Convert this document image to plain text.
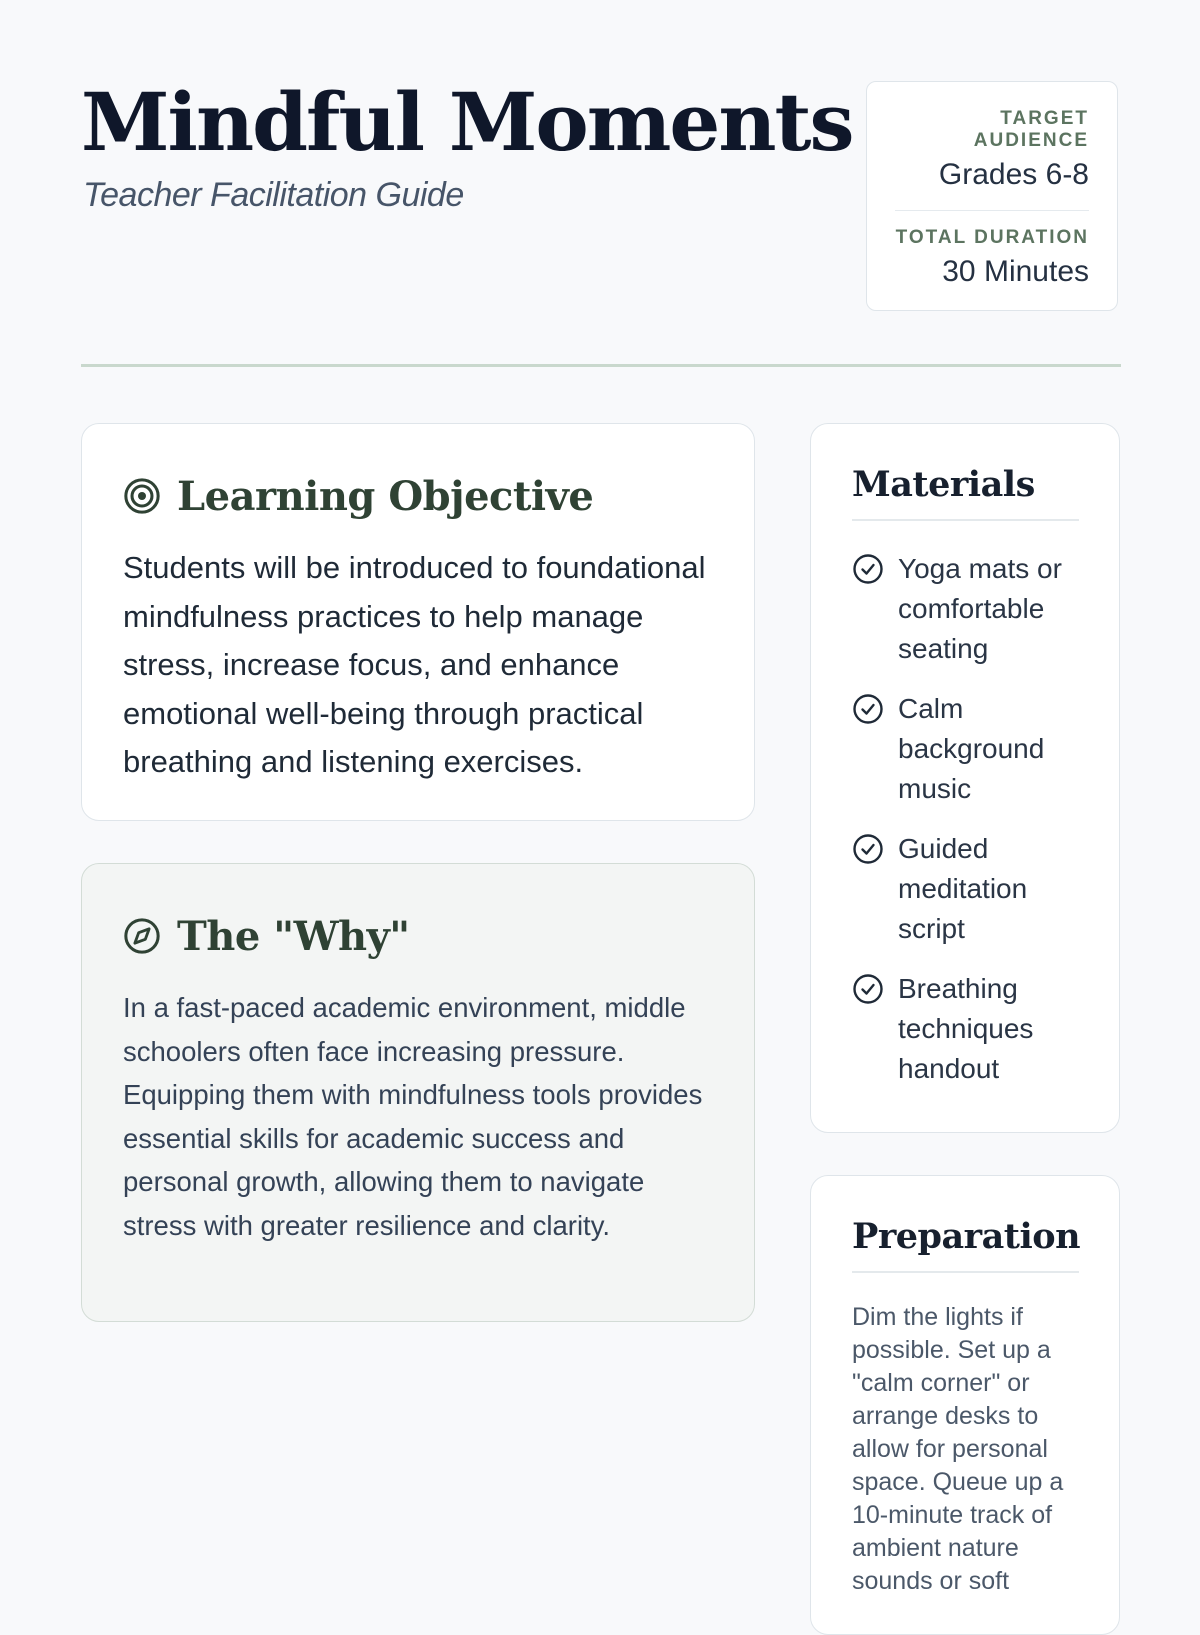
Mindful Moments
Teacher Facilitation Guide
TARGET AUDIENCE
Grades 6-8
TOTAL DURATION
30 Minutes
Learning Objective
Students will be introduced to foundational mindfulness practices to help manage stress, increase focus, and enhance emotional well-being through practical breathing and listening exercises.
The "Why"
In a fast-paced academic environment, middle schoolers often face increasing pressure. Equipping them with mindfulness tools provides essential skills for academic success and personal growth, allowing them to navigate stress with greater resilience and clarity.
Materials
Yoga mats or comfortable seating
Calm background music
Guided meditation script
Breathing techniques handout
Preparation
Dim the lights if possible. Set up a "calm corner" or arrange desks to allow for personal space. Queue up a 10-minute track of ambient nature sounds or soft
